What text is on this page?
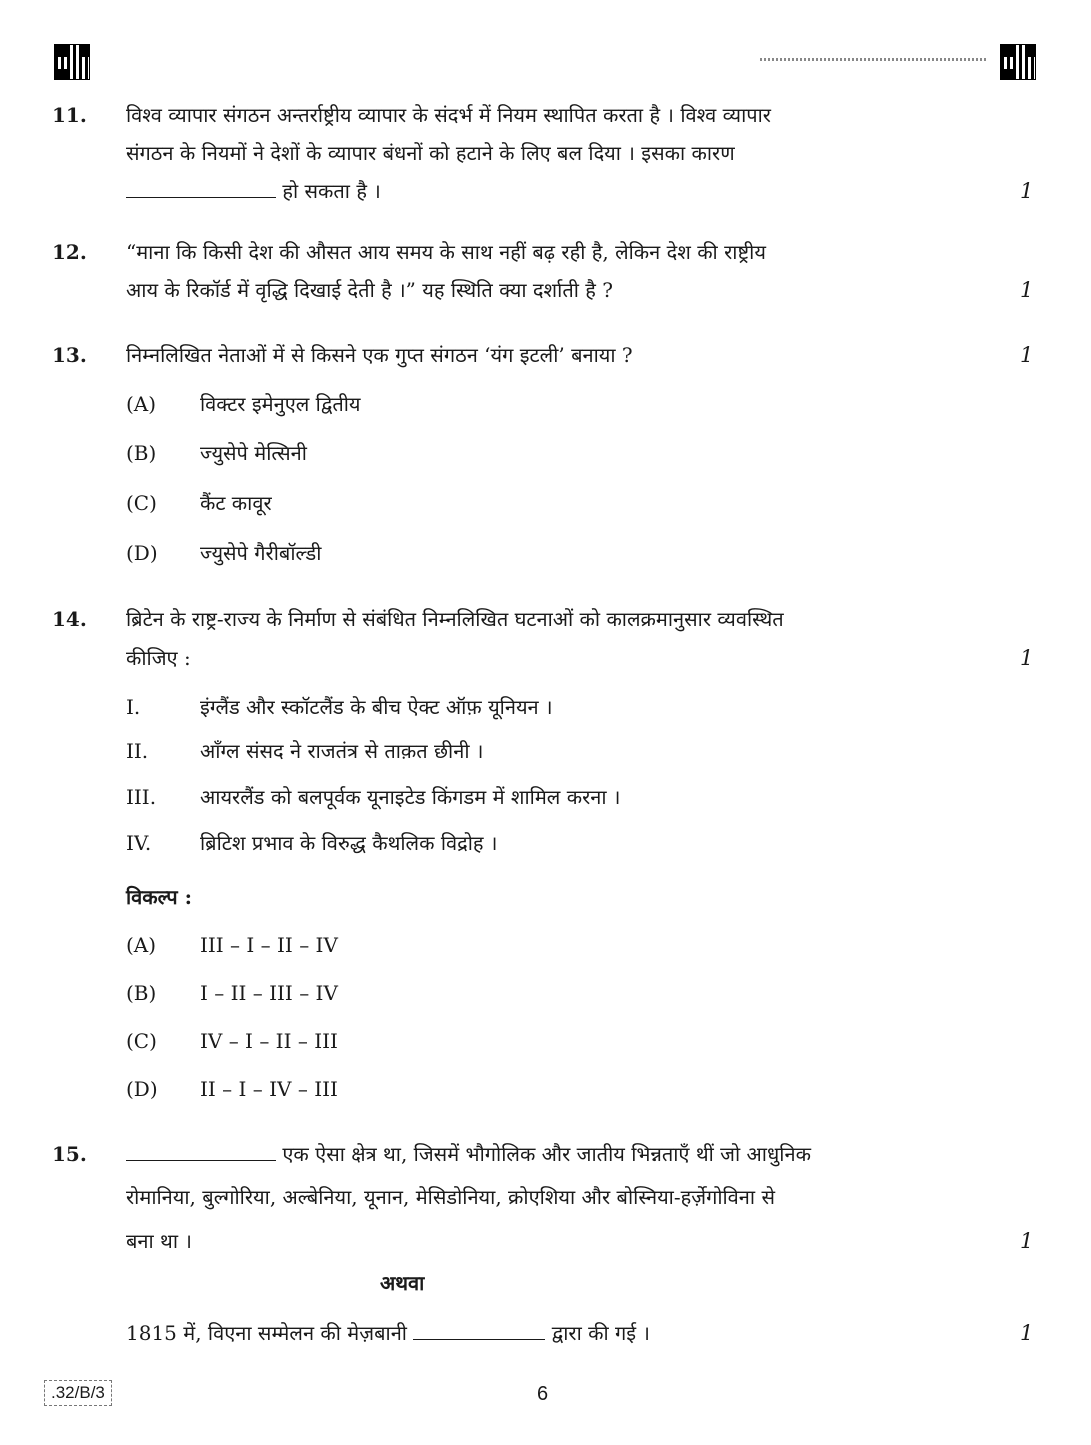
11. विश्व व्यापार संगठन अन्तर्राष्ट्रीय व्यापार के संदर्भ में नियम स्थापित करता है । विश्व व्यापार
संगठन के नियमों ने देशों के व्यापार बंधनों को हटाने के लिए बल दिया । इसका कारण
हो सकता है ।	1
12. “माना कि किसी देश की औसत आय समय के साथ नहीं बढ़ रही है, लेकिन देश की राष्ट्रीय
आय के रिकॉर्ड में वृद्धि दिखाई देती है ।” यह स्थिति क्या दर्शाती है ?	1
13. निम्नलिखित नेताओं में से किसने एक गुप्त संगठन ‘यंग इटली’ बनाया ?	1
(A) विक्टर इमेनुएल द्वितीय
(B) ज्युसेपे मेत्सिनी
(C) कैंट कावूर
(D) ज्युसेपे गैरीबॉल्डी
14. ब्रिटेन के राष्ट्र-राज्य के निर्माण से संबंधित निम्नलिखित घटनाओं को कालक्रमानुसार व्यवस्थित
कीजिए :	1
I.	इंग्लैंड और स्कॉटलैंड के बीच ऐक्ट ऑफ़ यूनियन ।
II.	आँग्ल संसद ने राजतंत्र से ताक़त छीनी ।
III. आयरलैंड को बलपूर्वक यूनाइटेड किंगडम में शामिल करना ।
IV. ब्रिटिश प्रभाव के विरुद्ध कैथलिक विद्रोह ।
विकल्प :
(A) III – I – II – IV
(B) I – II – III – IV
(C) IV – I – II – III
(D) II – I – IV – III
15.	एक ऐसा क्षेत्र था, जिसमें भौगोलिक और जातीय भिन्नताएँ थीं जो आधुनिक
रोमानिया, बुल्गोरिया, अल्बेनिया, यूनान, मेसिडोनिया, क्रोएशिया और बोस्निया-हर्ज़ेगोविना से
बना था ।	1
अथवा
1815 में, विएना सम्मेलन की मेज़बानी	द्वारा की गई ।	1
.32/B/3	6
